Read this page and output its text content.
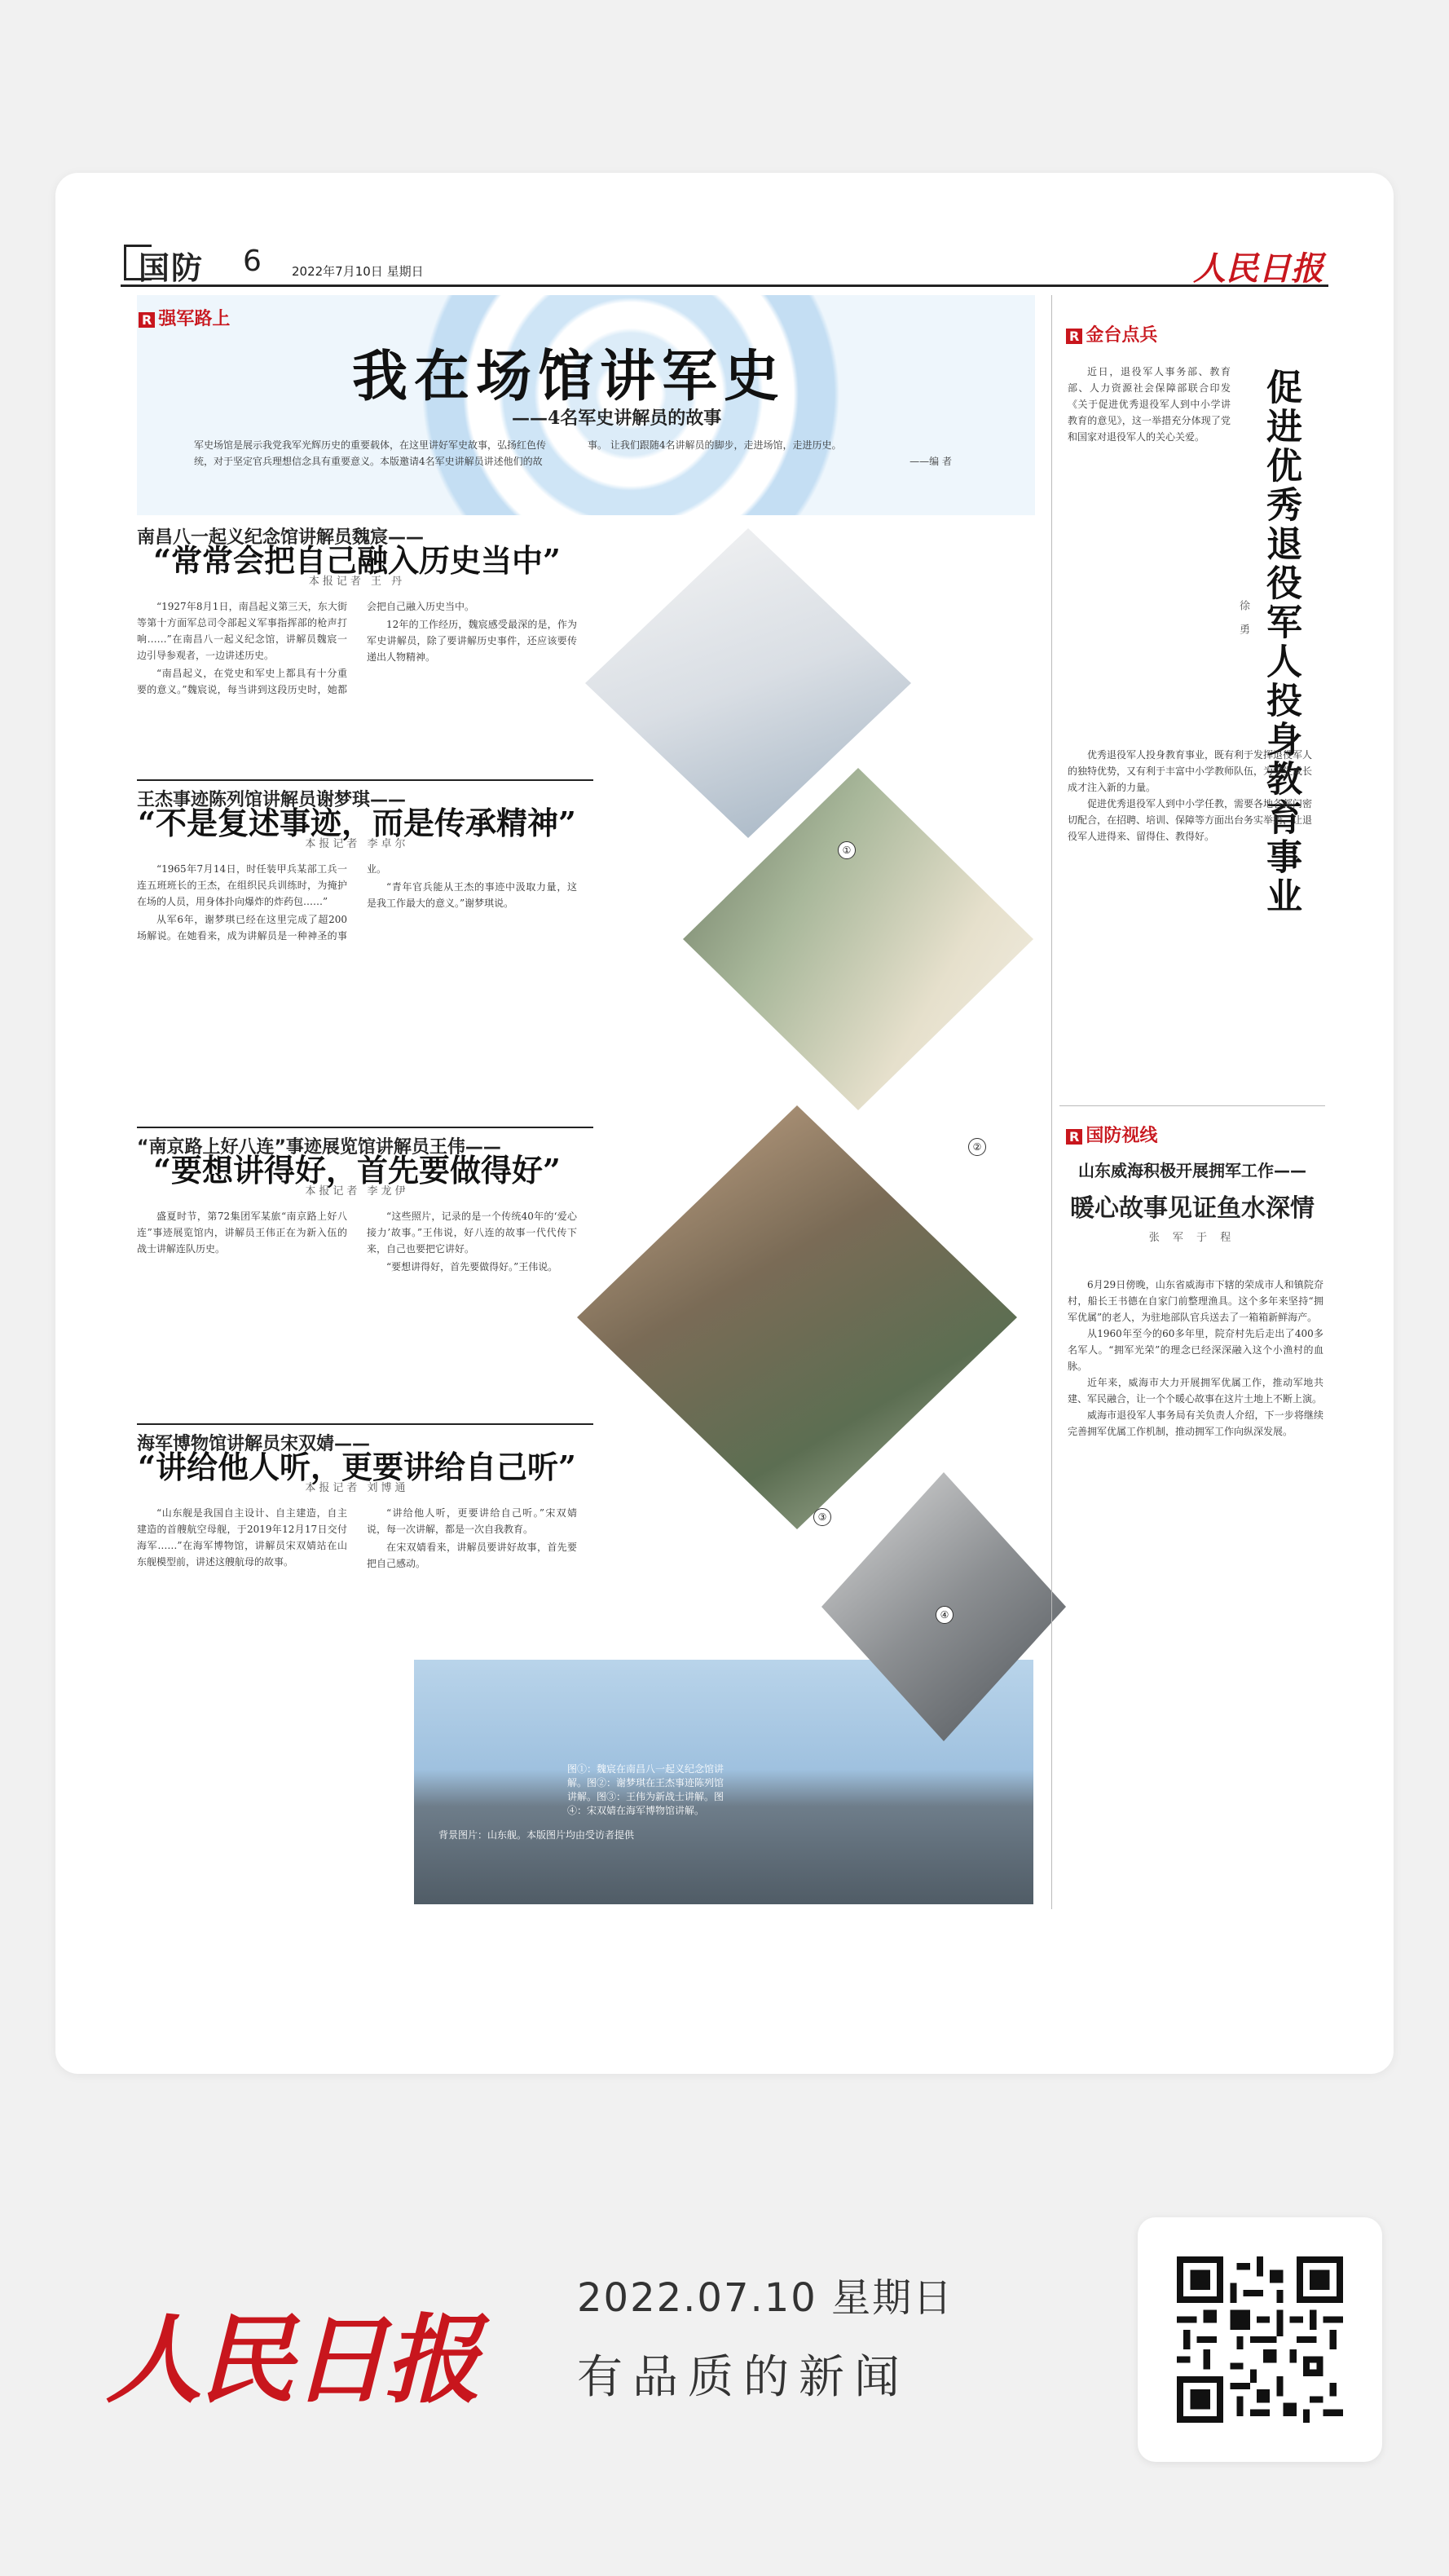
国防 6 2022年7月10日 星期日	人民日报
R 强军路上
我在场馆讲军史
——4名军史讲解员的故事
军史场馆是展示我党我军光辉历史的重要载体，在这里讲好军史故事，弘扬红色传统，对于坚定官兵理想信念具有重要意义。本版邀请4名军史讲解员讲述他们的故事。 让我们跟随4名讲解员的脚步，走进场馆，走进历史。
——编 者
①
②
③
④
图①：魏宸在南昌八一起义纪念馆讲解。图②：谢梦琪在王杰事迹陈列馆讲解。图③：王伟为新战士讲解。图④：宋双婧在海军博物馆讲解。
背景图片：山东舰。本版图片均由受访者提供
南昌八一起义纪念馆讲解员魏宸——
“常常会把自己融入历史当中”
本报记者 王 丹

“1927年8月1日，南昌起义第三天，东大街等第十方面军总司令部起义军事指挥部的枪声打响……”在南昌八一起义纪念馆，讲解员魏宸一边引导参观者，一边讲述历史。

“南昌起义，在党史和军史上都具有十分重要的意义。”魏宸说，每当讲到这段历史时，她都会把自己融入历史当中。

12年的工作经历，魏宸感受最深的是，作为军史讲解员，除了要讲解历史事件，还应该要传递出人物精神。

王杰事迹陈列馆讲解员谢梦琪——
“不是复述事迹，而是传承精神”
本报记者 李卓尔

“1965年7月14日，时任装甲兵某部工兵一连五班班长的王杰，在组织民兵训练时，为掩护在场的人员，用身体扑向爆炸的炸药包……”

从军6年，谢梦琪已经在这里完成了超200场解说。在她看来，成为讲解员是一种神圣的事业。

“青年官兵能从王杰的事迹中汲取力量，这是我工作最大的意义。”谢梦琪说。

“南京路上好八连”事迹展览馆讲解员王伟——
“要想讲得好，首先要做得好”
本报记者 李龙伊

盛夏时节，第72集团军某旅“南京路上好八连”事迹展览馆内，讲解员王伟正在为新入伍的战士讲解连队历史。

“这些照片，记录的是一个传统40年的‘爱心接力’故事。”王伟说，好八连的故事一代代传下来，自己也要把它讲好。

“要想讲得好，首先要做得好。”王伟说。

海军博物馆讲解员宋双婧——
“讲给他人听，更要讲给自己听”
本报记者 刘博通

“山东舰是我国自主设计、自主建造，自主建造的首艘航空母舰，于2019年12月17日交付海军……”在海军博物馆，讲解员宋双婧站在山东舰模型前，讲述这艘航母的故事。

“讲给他人听，更要讲给自己听。”宋双婧说，每一次讲解，都是一次自我教育。

在宋双婧看来，讲解员要讲好故事，首先要把自己感动。

R 金台点兵
促进优秀退役军人投身教育事业
徐 勇

近日，退役军人事务部、教育部、人力资源社会保障部联合印发《关于促进优秀退役军人到中小学讲教育的意见》，这一举措充分体现了党和国家对退役军人的关心关爱。

优秀退役军人投身教育事业，既有利于发挥退役军人的独特优势，又有利于丰富中小学教师队伍，为学生成长成才注入新的力量。

促进优秀退役军人到中小学任教，需要各地各部门密切配合，在招聘、培训、保障等方面出台务实举措，让退役军人进得来、留得住、教得好。

R 国防视线
山东威海积极开展拥军工作——
暖心故事见证鱼水深情
张 军 于 程

6月29日傍晚，山东省威海市下辖的荣成市人和镇院夼村，船长王书德在自家门前整理渔具。这个多年来坚持“拥军优属”的老人，为驻地部队官兵送去了一箱箱新鲜海产。

从1960年至今的60多年里，院夼村先后走出了400多名军人。“拥军光荣”的理念已经深深融入这个小渔村的血脉。

近年来，威海市大力开展拥军优属工作，推动军地共建、军民融合，让一个个暖心故事在这片土地上不断上演。

威海市退役军人事务局有关负责人介绍，下一步将继续完善拥军优属工作机制，推动拥军工作向纵深发展。

人民日报
2022.07.10 星期日
有品质的新闻
